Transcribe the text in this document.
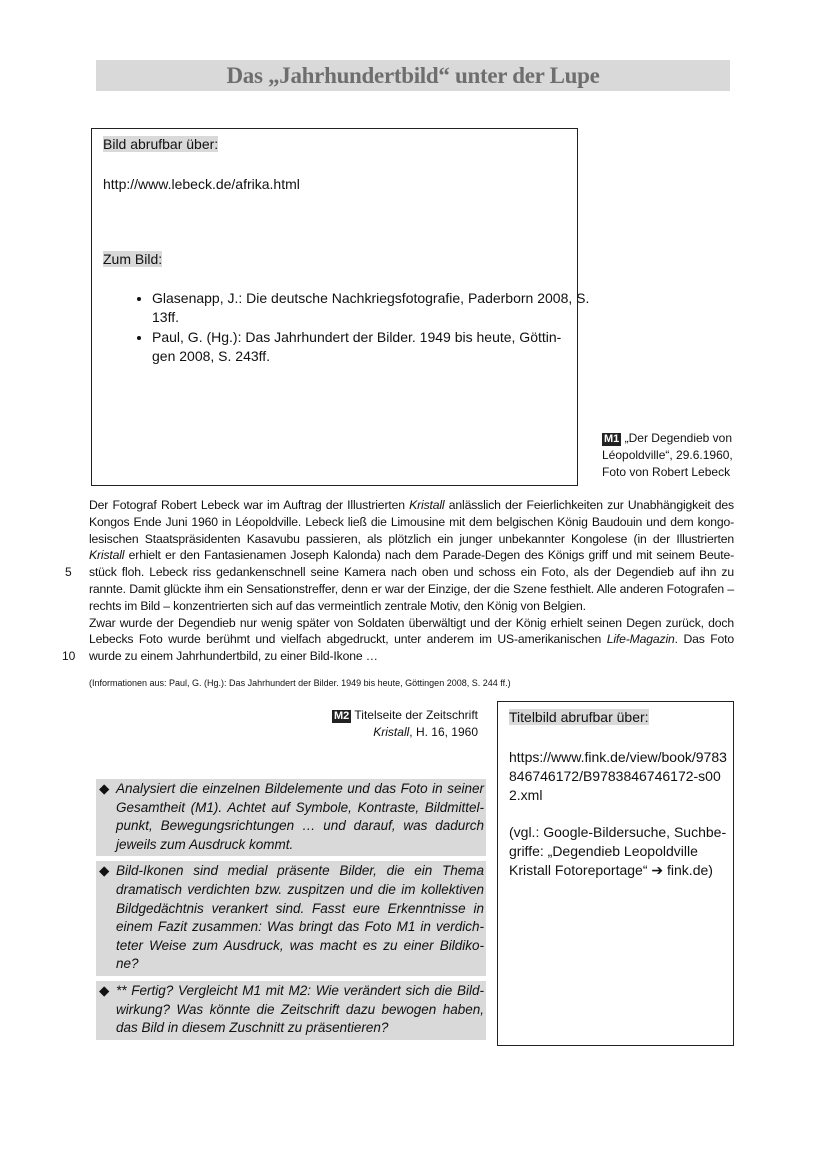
Das „Jahrhundertbild“ unter der Lupe
Bild abrufbar über:
http://www.lebeck.de/afrika.html
Zum Bild:
• Glasenapp, J.: Die deutsche Nachkriegsfotografie, Paderborn 2008, S. 13ff.
• Paul, G. (Hg.): Das Jahrhundert der Bilder. 1949 bis heute, Göttin-gen 2008, S. 243ff.
M1 „Der Degendieb von Léopoldville“, 29.6.1960, Foto von Robert Lebeck

Der Fotograf Robert Lebeck war im Auftrag der Illustrierten Kristall anlässlich der Feierlichkeiten zur Unabhängigkeit des Kongos Ende Juni 1960 in Léopoldville. Lebeck ließ die Limousine mit dem belgischen König Baudouin und dem kongo-lesischen Staatspräsidenten Kasavubu passieren, als plötzlich ein junger unbekannter Kongolese (in der Illustrierten Kristall erhielt er den Fantasienamen Joseph Kalonda) nach dem Parade-Degen des Königs griff und mit seinem Beute-stück floh. Lebeck riss gedankenschnell seine Kamera nach oben und schoss ein Foto, als der Degendieb auf ihn zu rannte. Damit glückte ihm ein Sensationstreffer, denn er war der Einzige, der die Szene festhielt. Alle anderen Fotografen – rechts im Bild – konzentrierten sich auf das vermeintlich zentrale Motiv, den König von Belgien.

Zwar wurde der Degendieb nur wenig später von Soldaten überwältigt und der König erhielt seinen Degen zurück, doch Lebecks Foto wurde berühmt und vielfach abgedruckt, unter anderem im US-amerikanischen Life-Magazin. Das Foto wurde zu einem Jahrhundertbild, zu einer Bild-Ikone …

5
10
(Informationen aus: Paul, G. (Hg.): Das Jahrhundert der Bilder. 1949 bis heute, Göttingen 2008, S. 244 ff.)
M2 Titelseite der Zeitschrift
Kristall, H. 16, 1960
◆ Analysiert die einzelnen Bildelemente und das Foto in seiner Gesamtheit (M1). Achtet auf Symbole, Kontraste, Bildmittel-punkt, Bewegungsrichtungen … und darauf, was dadurch jeweils zum Ausdruck kommt.
◆ Bild-Ikonen sind medial präsente Bilder, die ein Thema dramatisch verdichten bzw. zuspitzen und die im kollektiven Bildgedächtnis verankert sind. Fasst eure Erkenntnisse in einem Fazit zusammen: Was bringt das Foto M1 in verdich-teter Weise zum Ausdruck, was macht es zu einer Bildiko-ne?
◆ ** Fertig? Vergleicht M1 mit M2: Wie verändert sich die Bild-wirkung? Was könnte die Zeitschrift dazu bewogen haben, das Bild in diesem Zuschnitt zu präsentieren?
Titelbild abrufbar über:
https://www.fink.de/view/book/9783846746172/B9783846746172-s002.xml
(vgl.: Google-Bildersuche, Suchbe-griffe: „Degendieb Leopoldville Kristall Fotoreportage“ ➔ fink.de)
